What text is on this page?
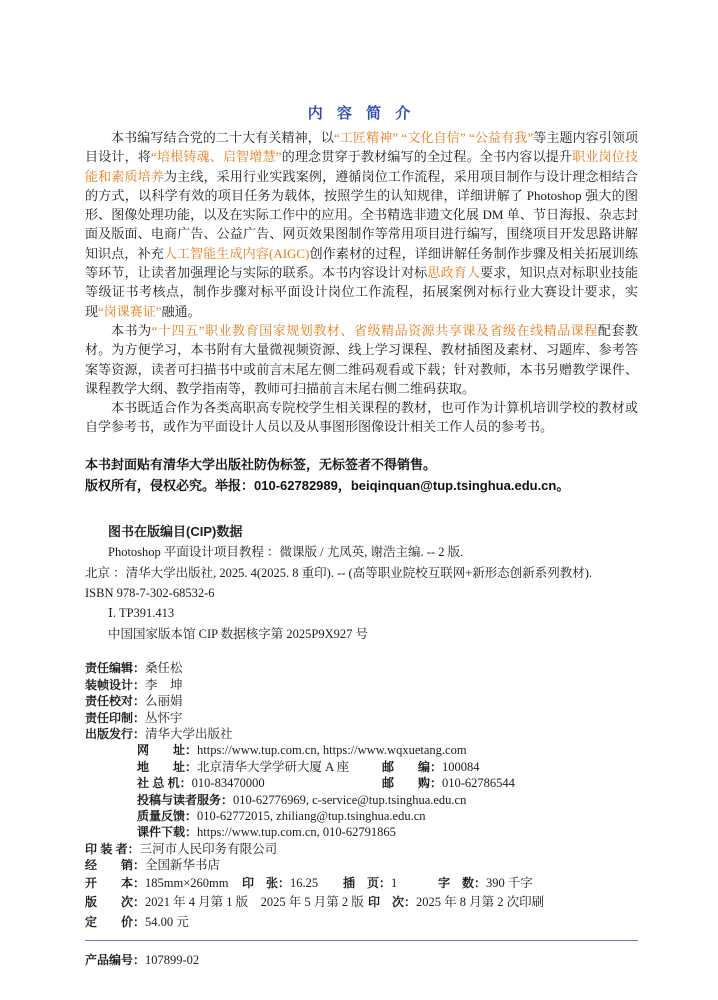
内 容 简 介

本书编写结合党的二十大有关精神，以“工匠精神” “文化自信” “公益有我”等主题内容引领项目设计，将“培根铸魂、启智增慧”的理念贯穿于教材编写的全过程。全书内容以提升职业岗位技能和素质培养为主线，采用行业实践案例，遵循岗位工作流程，采用项目制作与设计理念相结合的方式，以科学有效的项目任务为载体，按照学生的认知规律，详细讲解了 Photoshop 强大的图形、图像处理功能，以及在实际工作中的应用。全书精选非遗文化展 DM 单、节日海报、杂志封面及版面、电商广告、公益广告、网页效果图制作等常用项目进行编写，围绕项目开发思路讲解知识点，补充人工智能生成内容(AIGC)创作素材的过程，详细讲解任务制作步骤及相关拓展训练等环节，让读者加强理论与实际的联系。本书内容设计对标思政育人要求，知识点对标职业技能等级证书考核点，制作步骤对标平面设计岗位工作流程，拓展案例对标行业大赛设计要求，实现“岗课赛证”融通。

本书为“十四五”职业教育国家规划教材、省级精品资源共享课及省级在线精品课程配套教材。为方便学习，本书附有大量微视频资源、线上学习课程、教材插图及素材、习题库、参考答案等资源，读者可扫描书中或前言末尾左侧二维码观看或下载；针对教师，本书另赠教学课件、课程教学大纲、教学指南等，教师可扫描前言末尾右侧二维码获取。

本书既适合作为各类高职高专院校学生相关课程的教材，也可作为计算机培训学校的教材或自学参考书，或作为平面设计人员以及从事图形图像设计相关工作人员的参考书。

本书封面贴有清华大学出版社防伪标签，无标签者不得销售。
版权所有，侵权必究。举报：010-62782989，beiqinquan@tup.tsinghua.edu.cn。
图书在版编目(CIP)数据
Photoshop 平面设计项目教程 ：微课版 / 尤凤英, 谢浩主编. -- 2 版.
北京 ：清华大学出版社, 2025. 4(2025. 8 重印). -- (高等职业院校互联网+新形态创新系列教材).
ISBN 978-7-302-68532-6
Ⅰ. TP391.413
中国国家版本馆 CIP 数据核字第 2025P9X927 号
责任编辑：桑任松
装帧设计：李　坤
责任校对：么丽娟
责任印制：丛怀宇
出版发行：清华大学出版社
网　　址：https://www.tup.com.cn, https://www.wqxuetang.com
地　　址：北京清华大学学研大厦 A 座	邮　　编：100084
社 总 机：010-83470000	邮　　购：010-62786544
投稿与读者服务：010-62776969, c-service@tup.tsinghua.edu.cn
质量反馈：010-62772015, zhiliang@tup.tsinghua.edu.cn
课件下载：https://www.tup.com.cn, 010-62791865
印 装 者：三河市人民印务有限公司
经　　销：全国新华书店
开　　本：185mm×260mm 印　张：16.25 插　页：1	字　数：390 千字
版　　次：2021 年 4 月第 1 版　2025 年 5 月第 2 版 印　次：2025 年 8 月第 2 次印刷
定　　价：54.00 元
产品编号：107899-02
